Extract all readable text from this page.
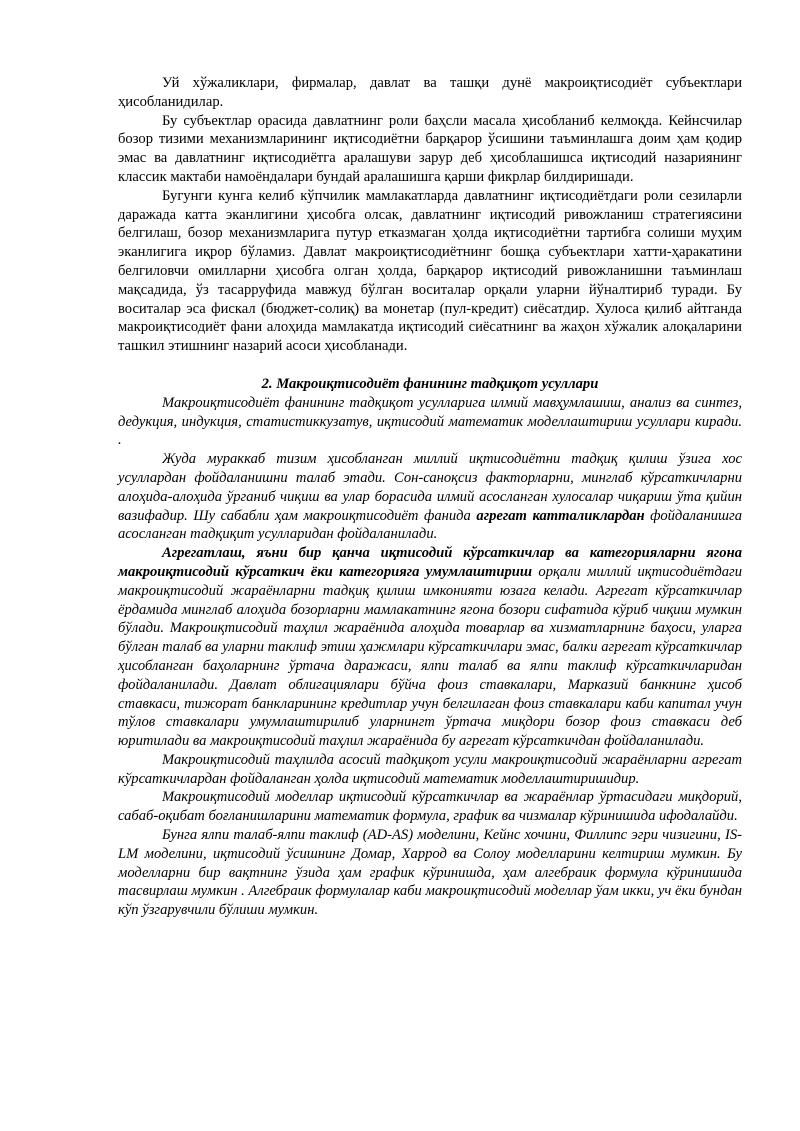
Уй хўжаликлари, фирмалар, давлат ва ташқи дунё макроиқтисодиёт субъектлари ҳисобланидилар.

Бу субъектлар орасида давлатнинг роли баҳсли масала ҳисобланиб келмоқда. Кейнсчилар бозор тизими механизмларининг иқтисодиётни барқарор ўсишини таъминлашга доим ҳам қодир эмас ва давлатнинг иқтисодиётга аралашуви зарур деб ҳисоблашишса иқтисодий назариянинг классик мактаби намоёндалари бундай аралашишга қарши фикрлар билдиришади.

Бугунги кунга келиб кўпчилик мамлакатларда давлатнинг иқтисодиётдаги роли сезиларли даражада катта эканлигини ҳисобга олсак, давлатнинг иқтисодий ривожланиш стратегиясини белгилаш, бозор механизмларига путур етказмаган ҳолда иқтисодиётни тартибга солиши муҳим эканлигига иқрор бўламиз. Давлат макроиқтисодиётнинг бошқа субъектлари хатти-ҳаракатини белгиловчи омилларни ҳисобга олган ҳолда, барқарор иқтисодий ривожланишни таъминлаш мақсадида, ўз тасарруфида мавжуд бўлган воситалар орқали уларни йўналтириб туради. Бу воситалар эса фискал (бюджет-солиқ) ва монетар (пул-кредит) сиёсатдир. Хулоса қилиб айтганда макроиқтисодиёт фани алоҳида мамлакатда иқтисодий сиёсатнинг ва жаҳон хўжалик алоқаларини ташкил этишнинг назарий асоси ҳисобланади.

2. Макроиқтисодиёт фанининг тадқиқот усуллари

Макроиқтисодиёт фанининг тадқиқот усулларига илмий мавҳумлашиш, анализ ва синтез, дедукция, индукция, статистиккузатув, иқтисодий математик моделлаштириш усуллари киради. .

Жуда мураккаб тизим ҳисобланган миллий иқтисодиётни тадқиқ қилиш ўзига хос усуллардан фойдаланишни талаб этади. Сон-саноқсиз факторларни, минглаб кўрсаткичларни алоҳида-алоҳида ўрганиб чиқиш ва улар борасида илмий асосланган хулосалар чиқариш ўта қийин вазифадир. Шу сабабли ҳам макроиқтисодиёт фанида агрегат катталиклардан фойдаланишга асосланган тадқиқит усулларидан фойдаланилади.

Агрегатлаш, яъни бир қанча иқтисодий кўрсаткичлар ва категорияларни ягона макроиқтисодий кўрсаткич ёки категорияга умумлаштириш орқали миллий иқтисодиётдаги макроиқтисодий жараёнларни тадқиқ қилиш имконияти юзага келади. Агрегат кўрсаткичлар ёрдамида минглаб алоҳида бозорларни мамлакатнинг ягона бозори сифатида кўриб чиқиш мумкин бўлади. Макроиқтисодий таҳлил жараёнида алоҳида товарлар ва хизматларнинг баҳоси, уларга бўлган талаб ва уларни таклиф этиш ҳажмлари кўрсаткичлари эмас, балки агрегат кўрсаткичлар ҳисобланган баҳоларнинг ўртача даражаси, ялпи талаб ва ялпи таклиф кўрсаткичларидан фойдаланилади. Давлат облигациялари бўйча фоиз ставкалари, Марказий банкнинг ҳисоб ставкаси, тижорат банкларининг кредитлар учун белгилаган фоиз ставкалари каби капитал учун тўлов ставкалари умумлаштирилиб уларнингт ўртача миқдори бозор фоиз ставкаси деб юритилади ва макроиқтисодий таҳлил жараёнида бу агрегат кўрсаткичдан фойдаланилади.

Макроиқтисодий таҳлилда асосий тадқиқот усули макроиқтисодий жараёнларни агрегат кўрсаткичлардан фойдаланган ҳолда иқтисодий математик моделлаштиришидир.

Макроиқтисодий моделлар иқтисодий кўрсаткичлар ва жараёнлар ўртасидаги миқдорий, сабаб-оқибат боғланишларини математик формула, график ва чизмалар кўринишида ифодалайди.

Бунга ялпи талаб-ялпи таклиф (AD-AS) моделини, Кейнс хочини, Филлипс эгри чизигини, IS-LM моделини, иқтисодий ўсишнинг Домар, Харрод ва Солоу моделларини келтириш мумкин. Бу моделларни бир вақтнинг ўзида ҳам график кўринишда, ҳам алгебраик формула кўринишида тасвирлаш мумкин . Алгебраик формулалар каби макроиқтисодий моделлар ўам икки, уч ёки бундан кўп ўзгарувчили бўлиши мумкин.
